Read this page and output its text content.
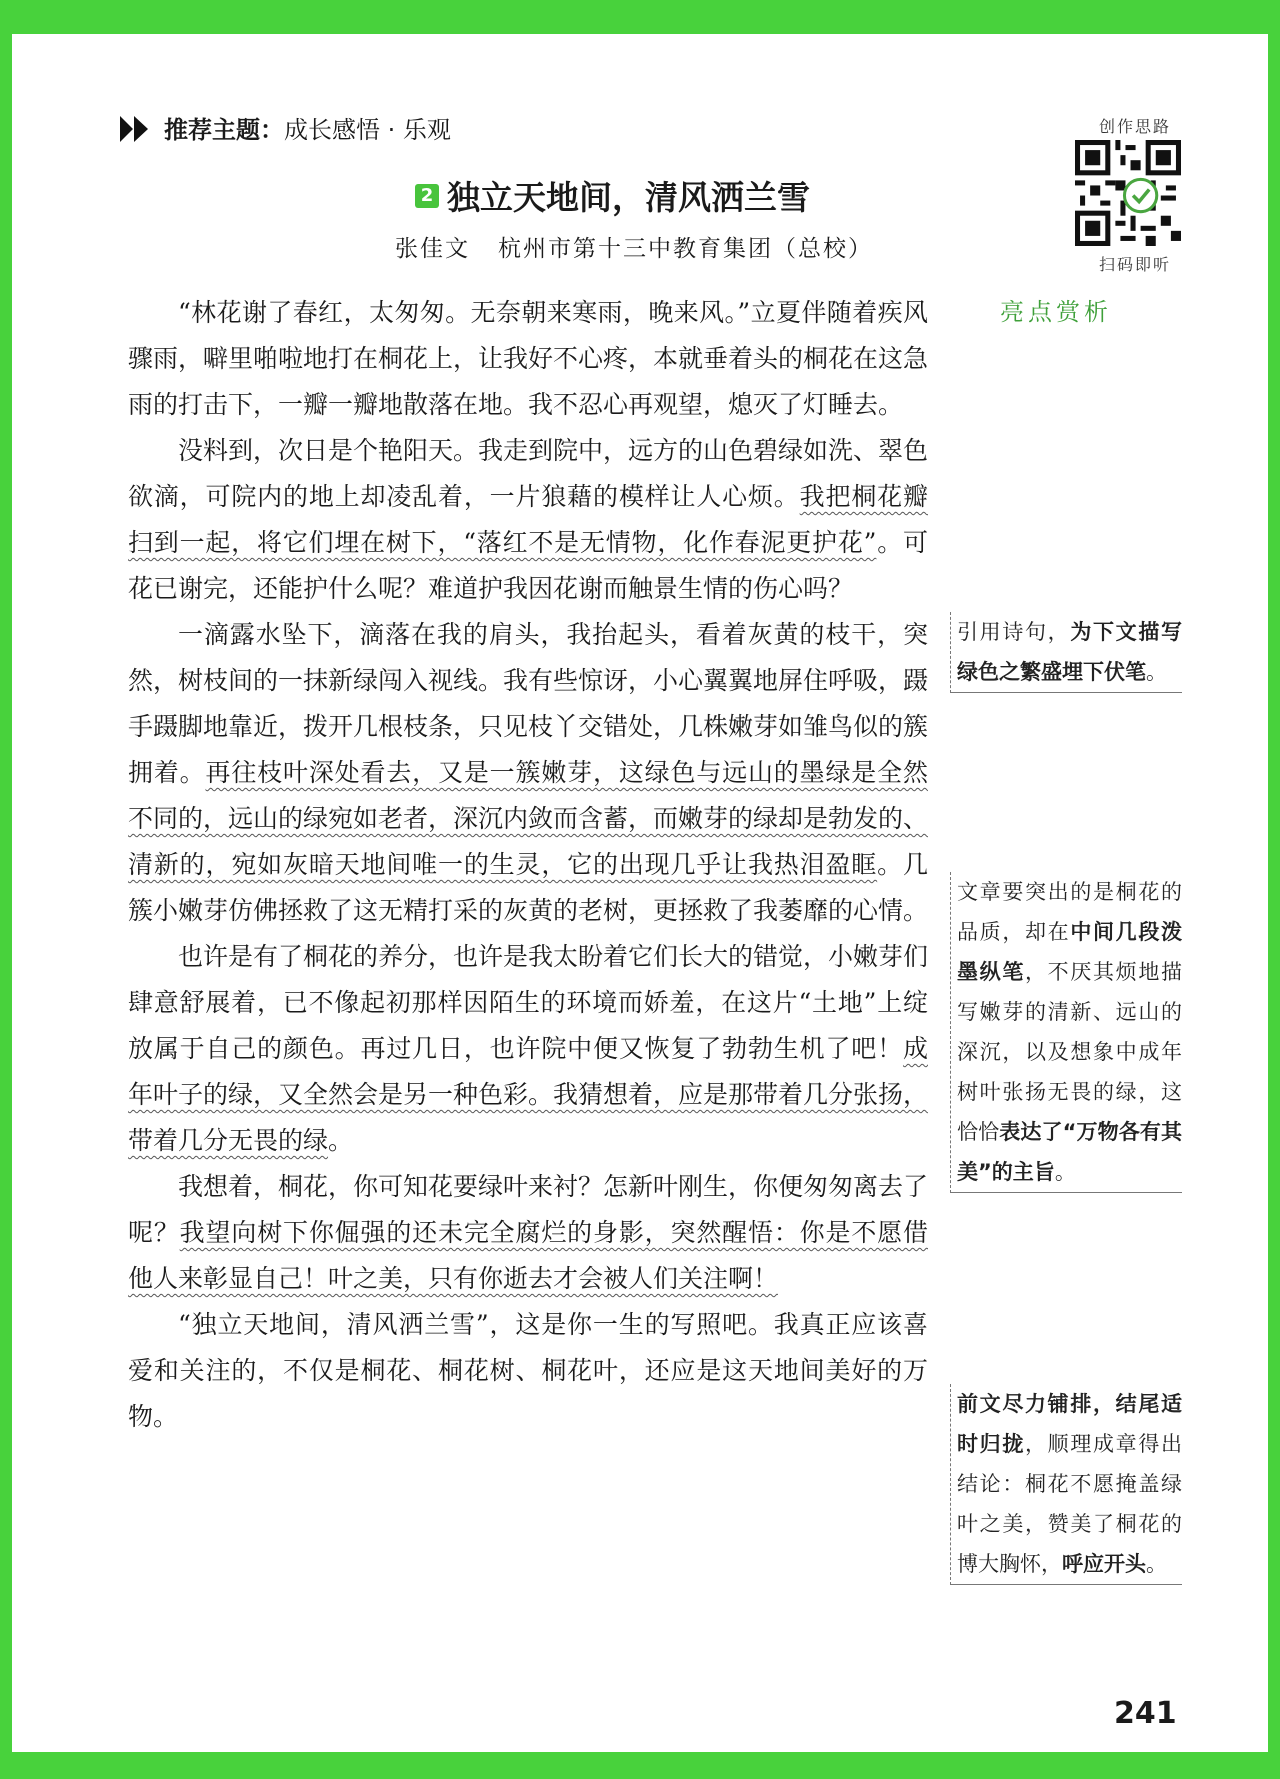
推荐主题：成长感悟 · 乐观	创作思路
扫码即听
2 独立天地间，清风洒兰雪
张佳文 杭州市第十三中教育集团（总校）

“林花谢了春红，太匆匆。无奈朝来寒雨，晚来风。”立夏伴随着疾风骤雨，噼里啪啦地打在桐花上，让我好不心疼，本就垂着头的桐花在这急雨的打击下，一瓣一瓣地散落在地。我不忍心再观望，熄灭了灯睡去。

没料到，次日是个艳阳天。我走到院中，远方的山色碧绿如洗、翠色欲滴，可院内的地上却凌乱着，一片狼藉的模样让人心烦。我把桐花瓣扫到一起，将它们埋在树下，“落红不是无情物，化作春泥更护花”。可花已谢完，还能护什么呢？难道护我因花谢而触景生情的伤心吗？

一滴露水坠下，滴落在我的肩头，我抬起头，看着灰黄的枝干，突然，树枝间的一抹新绿闯入视线。我有些惊讶，小心翼翼地屏住呼吸，蹑手蹑脚地靠近，拨开几根枝条，只见枝丫交错处，几株嫩芽如雏鸟似的簇拥着。再往枝叶深处看去，又是一簇嫩芽，这绿色与远山的墨绿是全然不同的，远山的绿宛如老者，深沉内敛而含蓄，而嫩芽的绿却是勃发的、清新的，宛如灰暗天地间唯一的生灵，它的出现几乎让我热泪盈眶。几簇小嫩芽仿佛拯救了这无精打采的灰黄的老树，更拯救了我萎靡的心情。

也许是有了桐花的养分，也许是我太盼着它们长大的错觉，小嫩芽们肆意舒展着，已不像起初那样因陌生的环境而娇羞，在这片“土地”上绽放属于自己的颜色。再过几日，也许院中便又恢复了勃勃生机了吧！成年叶子的绿，又全然会是另一种色彩。我猜想着，应是那带着几分张扬，带着几分无畏的绿。

我想着，桐花，你可知花要绿叶来衬？怎新叶刚生，你便匆匆离去了呢？我望向树下你倔强的还未完全腐烂的身影，突然醒悟：你是不愿借他人来彰显自己！叶之美，只有你逝去才会被人们关注啊！

“独立天地间，清风洒兰雪”，这是你一生的写照吧。我真正应该喜爱和关注的，不仅是桐花、桐花树、桐花叶，还应是这天地间美好的万物。

亮点赏析
引用诗句，为下文描写绿色之繁盛埋下伏笔。
文章要突出的是桐花的品质，却在中间几段泼墨纵笔，不厌其烦地描写嫩芽的清新、远山的深沉，以及想象中成年树叶张扬无畏的绿，这恰恰表达了“万物各有其美”的主旨。
前文尽力铺排，结尾适时归拢，顺理成章得出结论：桐花不愿掩盖绿叶之美，赞美了桐花的博大胸怀，呼应开头。
241
